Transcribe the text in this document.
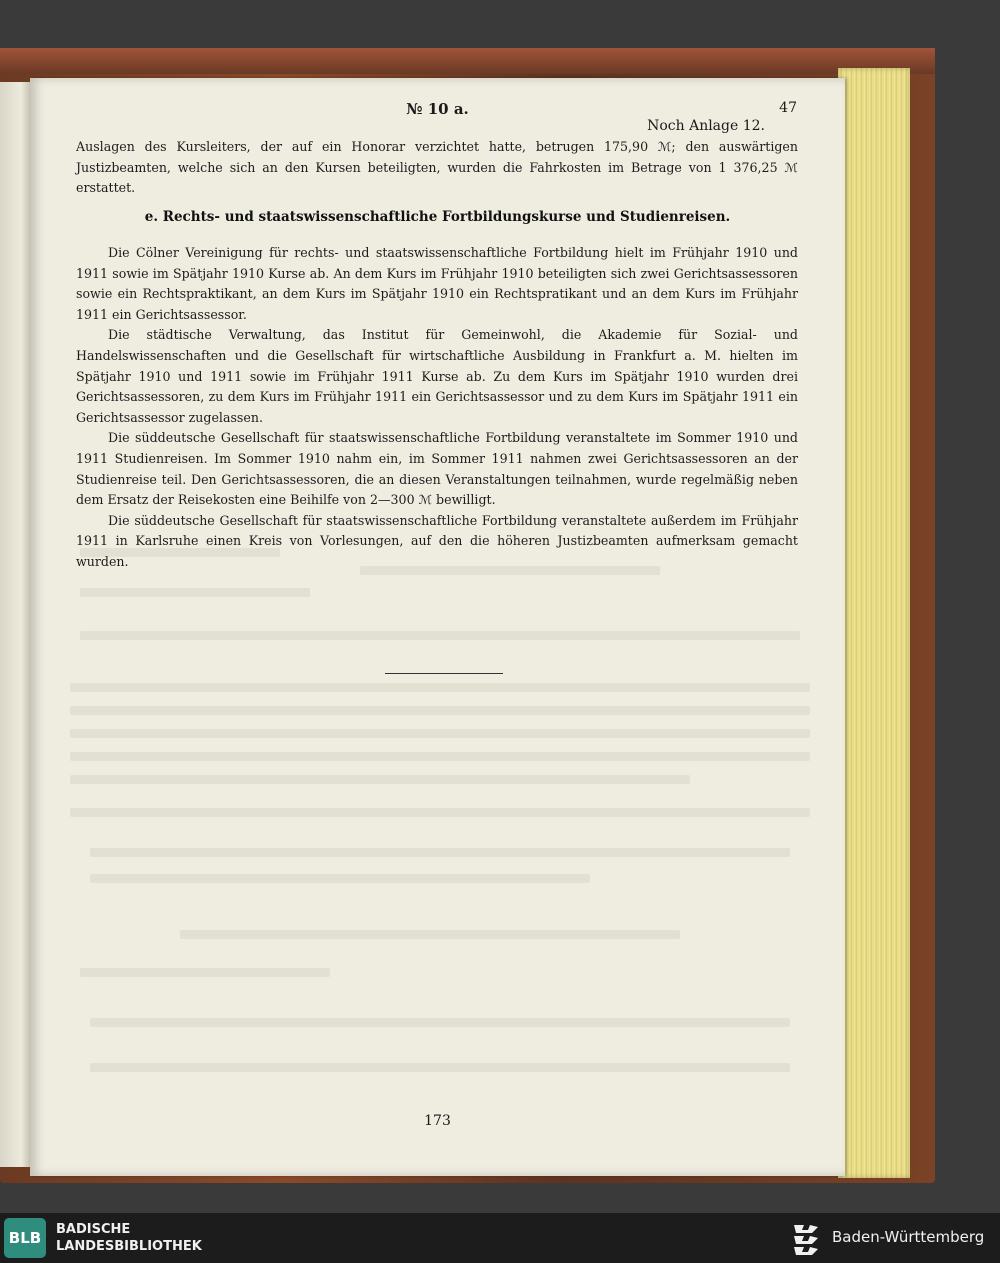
№ 10 a.	47
Noch Anlage 12.

Auslagen des Kursleiters, der auf ein Honorar verzichtet hatte, betrugen 175,90 ℳ; den auswärtigen Justizbeamten, welche sich an den Kursen beteiligten, wurden die Fahrkosten im Betrage von 1 376,25 ℳ erstattet.

e. Rechts- und staatswissenschaftliche Fortbildungskurse und Studienreisen.

Die Cölner Vereinigung für rechts- und staatswissenschaftliche Fortbildung hielt im Frühjahr 1910 und 1911 sowie im Spätjahr 1910 Kurse ab. An dem Kurs im Frühjahr 1910 beteiligten sich zwei Gerichtsassessoren sowie ein Rechtspraktikant, an dem Kurs im Spätjahr 1910 ein Rechtspratikant und an dem Kurs im Frühjahr 1911 ein Gerichtsassessor.

Die städtische Verwaltung, das Institut für Gemeinwohl, die Akademie für Sozial- und Handelswissenschaften und die Gesellschaft für wirtschaftliche Ausbildung in Frankfurt a. M. hielten im Spätjahr 1910 und 1911 sowie im Frühjahr 1911 Kurse ab. Zu dem Kurs im Spätjahr 1910 wurden drei Gerichtsassessoren, zu dem Kurs im Frühjahr 1911 ein Gerichtsassessor und zu dem Kurs im Spätjahr 1911 ein Gerichtsassessor zugelassen.

Die süddeutsche Gesellschaft für staatswissenschaftliche Fortbildung veranstaltete im Sommer 1910 und 1911 Studienreisen. Im Sommer 1910 nahm ein, im Sommer 1911 nahmen zwei Gerichtsassessoren an der Studienreise teil. Den Gerichtsassessoren, die an diesen Veranstaltungen teilnahmen, wurde regelmäßig neben dem Ersatz der Reisekosten eine Beihilfe von 2—300 ℳ bewilligt.

Die süddeutsche Gesellschaft für staatswissenschaftliche Fortbildung veranstaltete außerdem im Frühjahr 1911 in Karlsruhe einen Kreis von Vorlesungen, auf den die höheren Justizbeamten aufmerksam gemacht wurden.

173
BLB	BADISCHE
LANDESBIBLIOTHEK
Baden-Württemberg
